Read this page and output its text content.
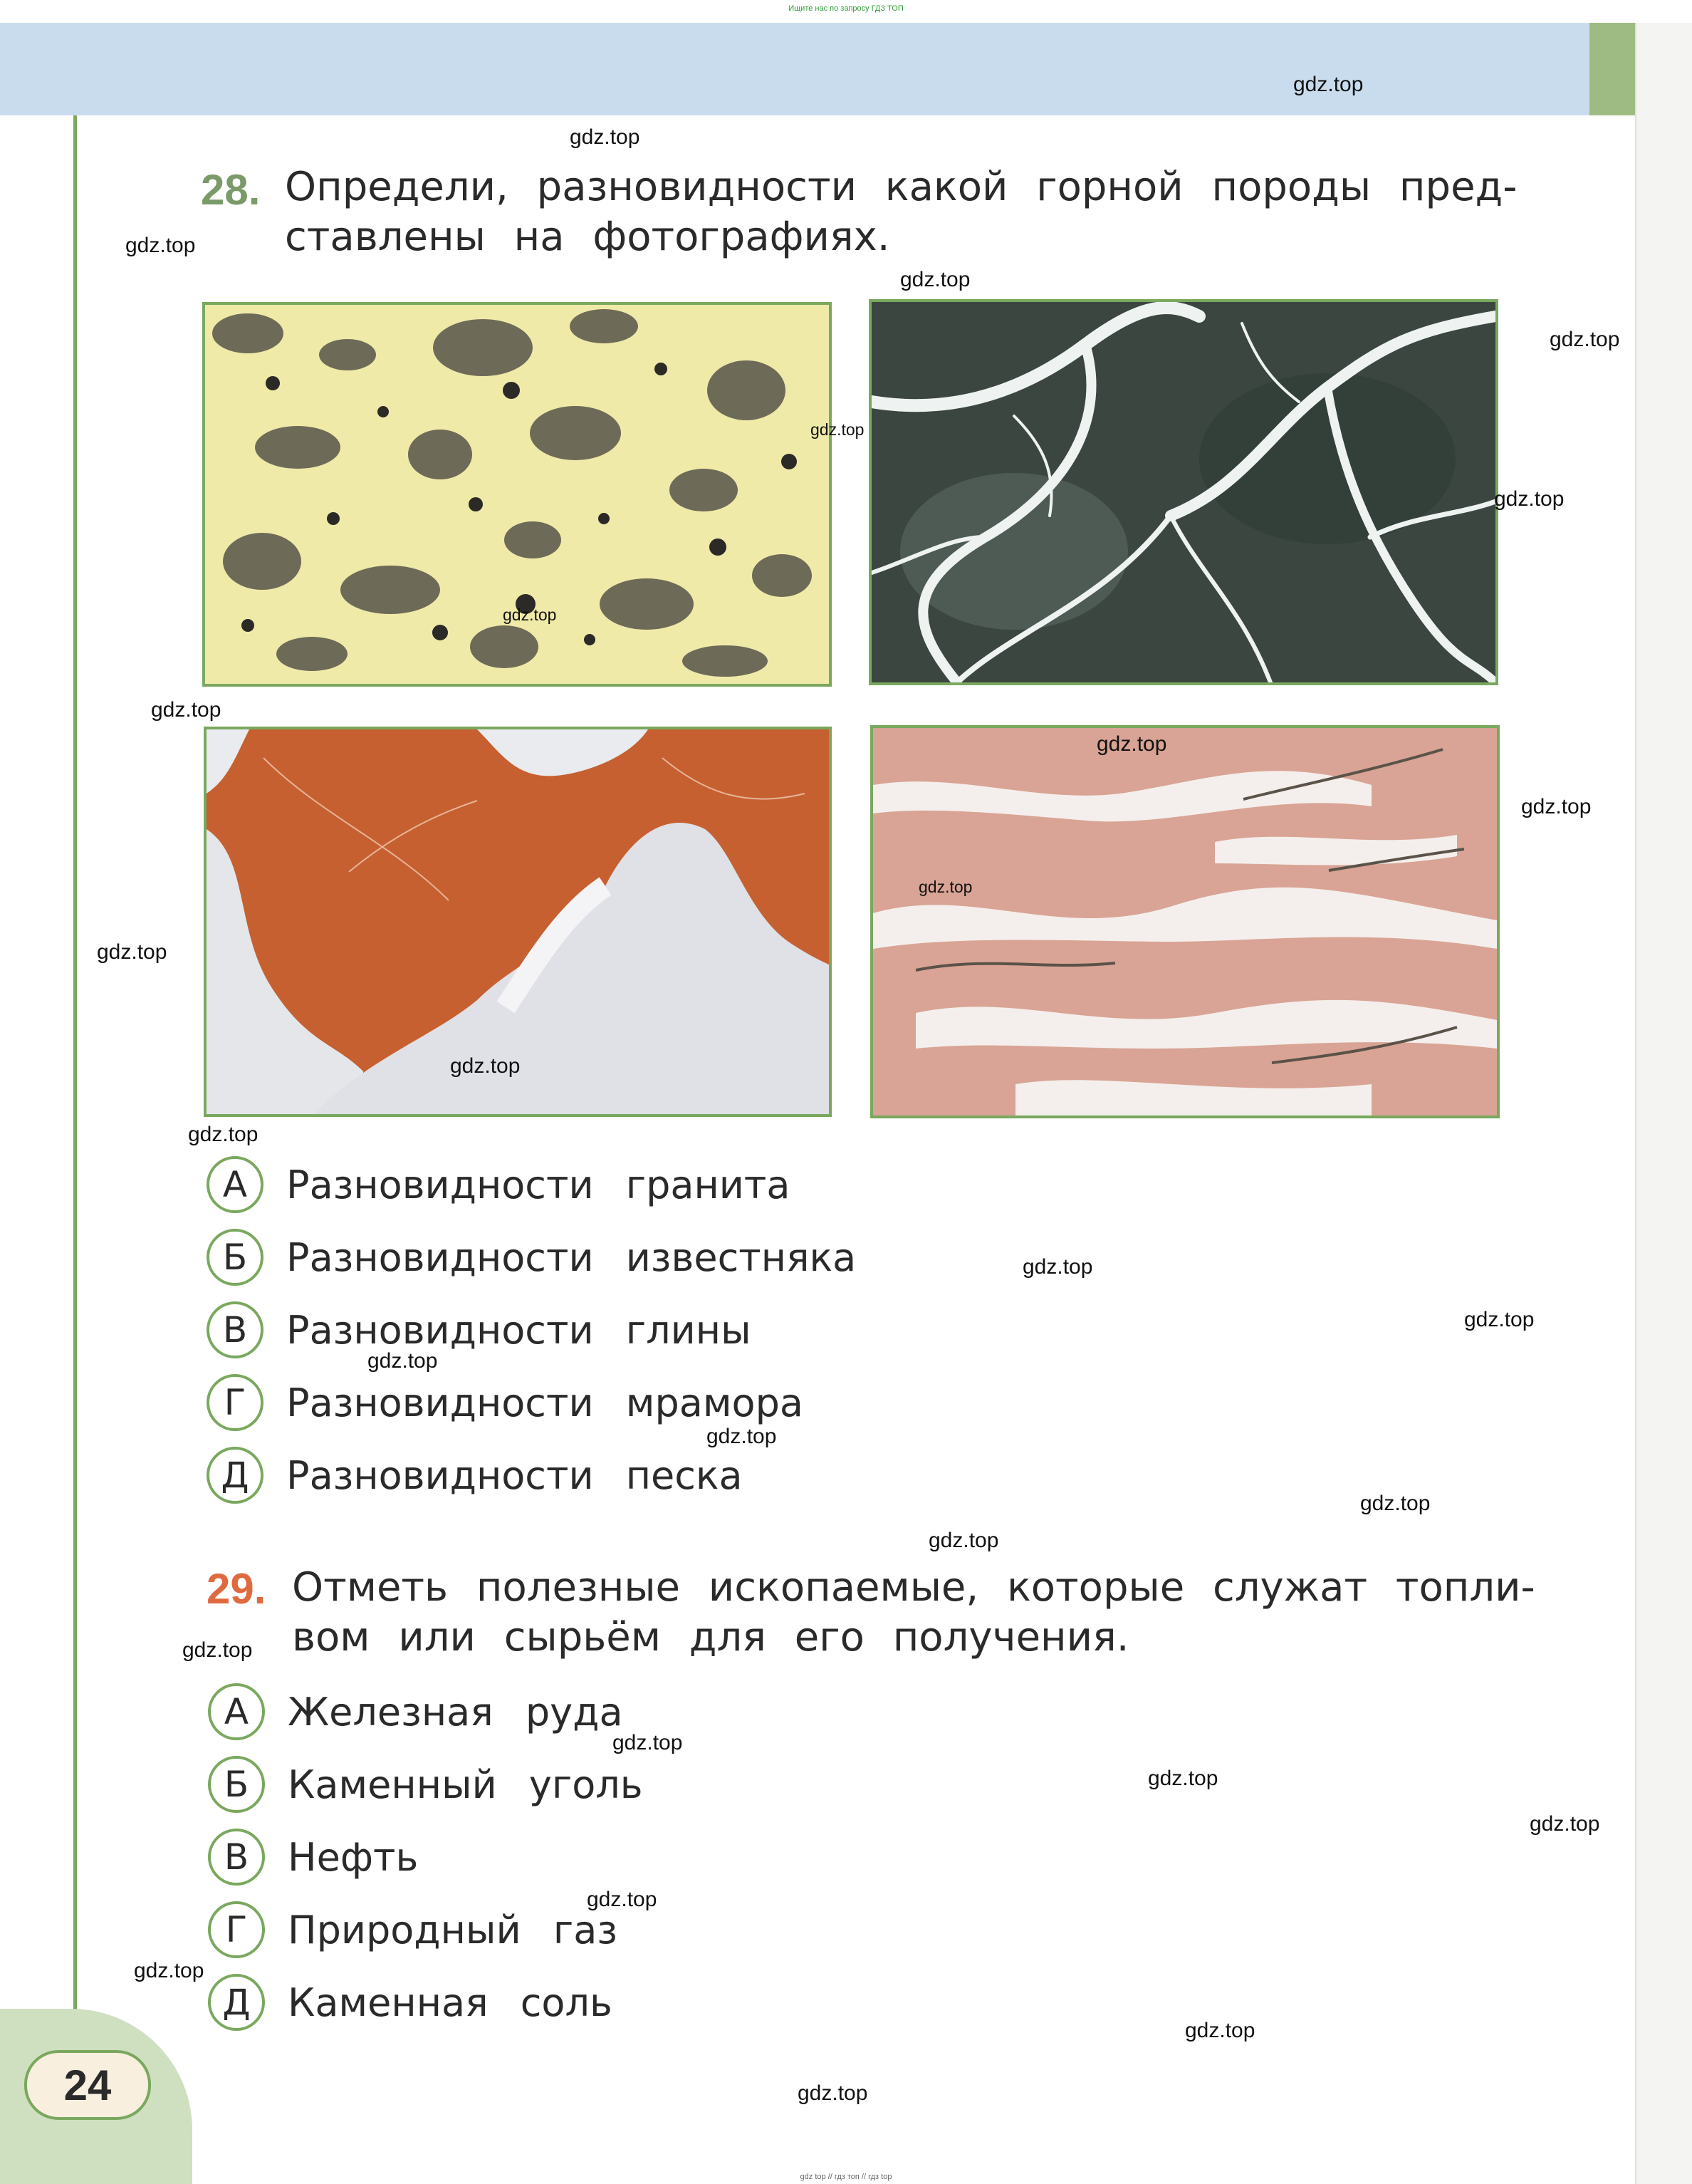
Ищите нас по запросу ГДЗ ТОП
28. Определи, разновидности какой горной породы пред-

ставлены на фотографиях.

А	Разновидности гранита
Б	Разновидности известняка
В	Разновидности глины
Г	Разновидности мрамора
Д Разновидности песка
29. Отметь полезные ископаемые, которые служат топли-

вом или сырьём для его получения.

А	Железная руда
Б	Каменный уголь
В	Нефть
Г	Природный газ
Д Каменная соль
24
gdz.top
gdz.top
gdz.top
gdz.top
gdz.top
gdz.top
gdz.top
gdz.top
gdz.top
gdz.top
gdz.top
gdz.top
gdz.top
gdz.top
gdz.top
gdz.top
gdz.top
gdz.top
gdz.top
gdz.top
gdz.top
gdz.top
gdz.top
gdz.top
gdz.top
gdz.top
gdz.top
gdz.top
gdz.top
gdz top // гдз топ // гдз top
